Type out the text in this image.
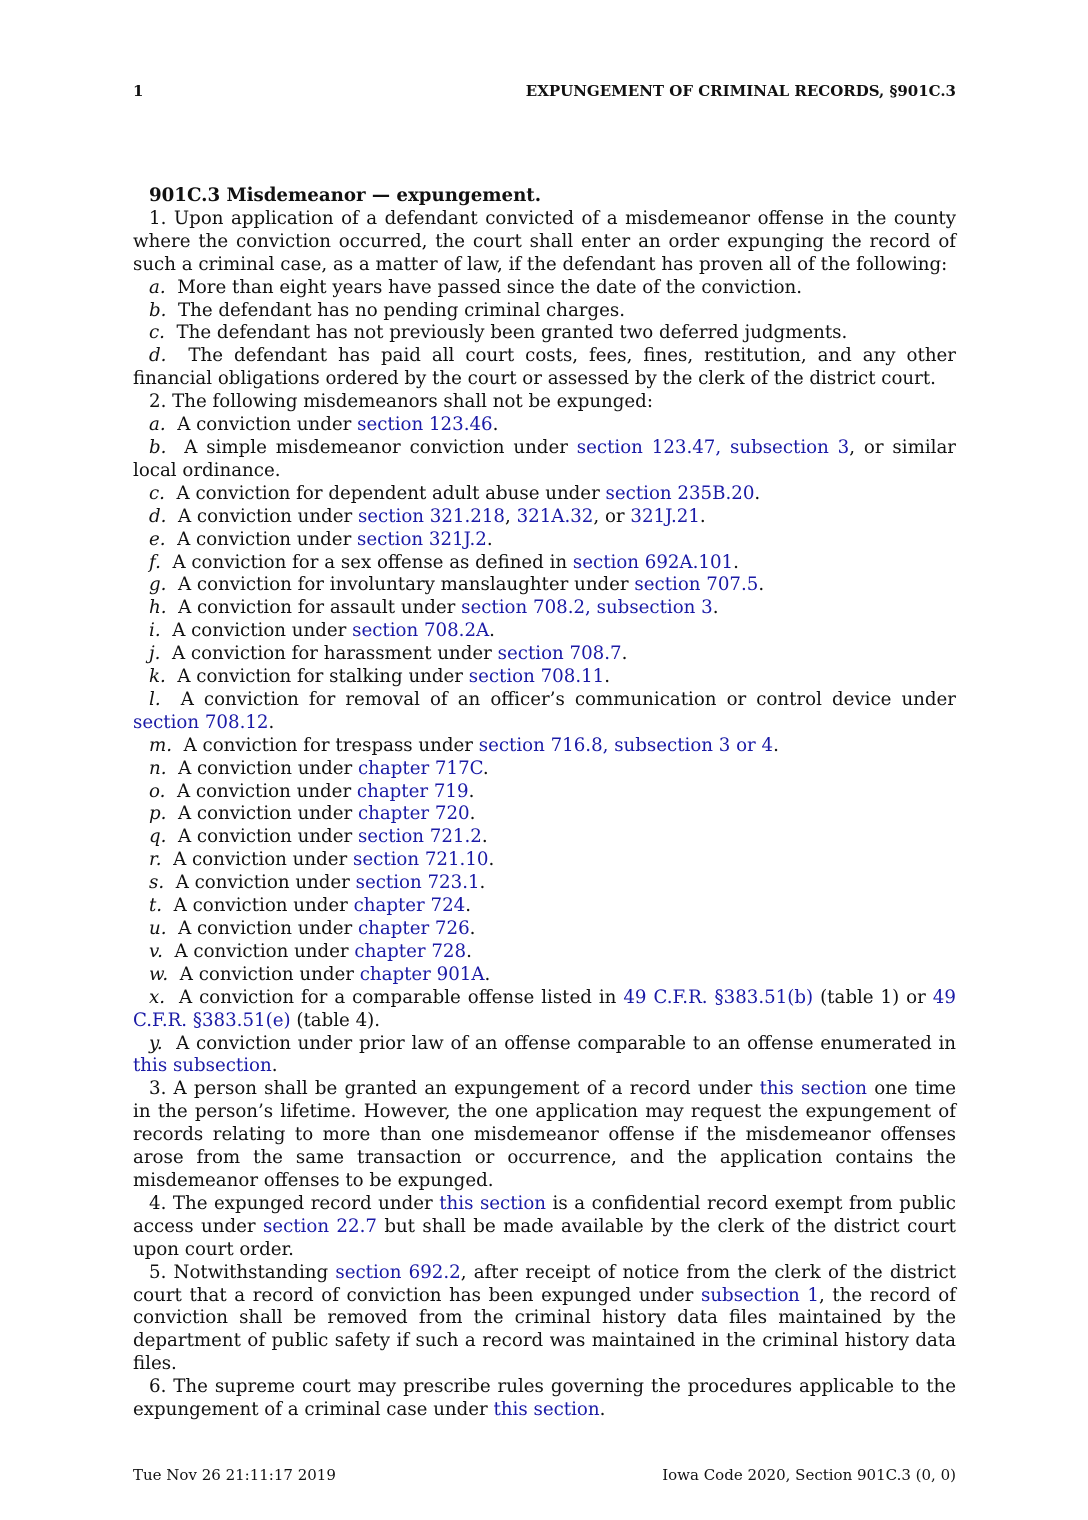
1	EXPUNGEMENT OF CRIMINAL RECORDS, §901C.3

901C.3 Misdemeanor — expungement.

1. Upon application of a defendant convicted of a misdemeanor offense in the county where the conviction occurred, the court shall enter an order expunging the record of such a criminal case, as a matter of law, if the defendant has proven all of the following:

a. More than eight years have passed since the date of the conviction.

b. The defendant has no pending criminal charges.

c. The defendant has not previously been granted two deferred judgments.

d. The defendant has paid all court costs, fees, fines, restitution, and any other financial obligations ordered by the court or assessed by the clerk of the district court.

2. The following misdemeanors shall not be expunged:

a. A conviction under section 123.46.

b. A simple misdemeanor conviction under section 123.47, subsection 3, or similar local ordinance.

c. A conviction for dependent adult abuse under section 235B.20.

d. A conviction under section 321.218, 321A.32, or 321J.21.

e. A conviction under section 321J.2.

f. A conviction for a sex offense as defined in section 692A.101.

g. A conviction for involuntary manslaughter under section 707.5.

h. A conviction for assault under section 708.2, subsection 3.

i. A conviction under section 708.2A.

j. A conviction for harassment under section 708.7.

k. A conviction for stalking under section 708.11.

l. A conviction for removal of an officer’s communication or control device under section 708.12.

m. A conviction for trespass under section 716.8, subsection 3 or 4.

n. A conviction under chapter 717C.

o. A conviction under chapter 719.

p. A conviction under chapter 720.

q. A conviction under section 721.2.

r. A conviction under section 721.10.

s. A conviction under section 723.1.

t. A conviction under chapter 724.

u. A conviction under chapter 726.

v. A conviction under chapter 728.

w. A conviction under chapter 901A.

x. A conviction for a comparable offense listed in 49 C.F.R. §383.51(b) (table 1) or 49 C.F.R. §383.51(e) (table 4).

y. A conviction under prior law of an offense comparable to an offense enumerated in this subsection.

3. A person shall be granted an expungement of a record under this section one time in the person’s lifetime. However, the one application may request the expungement of records relating to more than one misdemeanor offense if the misdemeanor offenses arose from the same transaction or occurrence, and the application contains the misdemeanor offenses to be expunged.

4. The expunged record under this section is a confidential record exempt from public access under section 22.7 but shall be made available by the clerk of the district court upon court order.

5. Notwithstanding section 692.2, after receipt of notice from the clerk of the district court that a record of conviction has been expunged under subsection 1, the record of conviction shall be removed from the criminal history data files maintained by the department of public safety if such a record was maintained in the criminal history data files.

6. The supreme court may prescribe rules governing the procedures applicable to the expungement of a criminal case under this section.

Tue Nov 26 21:11:17 2019	Iowa Code 2020, Section 901C.3 (0, 0)
